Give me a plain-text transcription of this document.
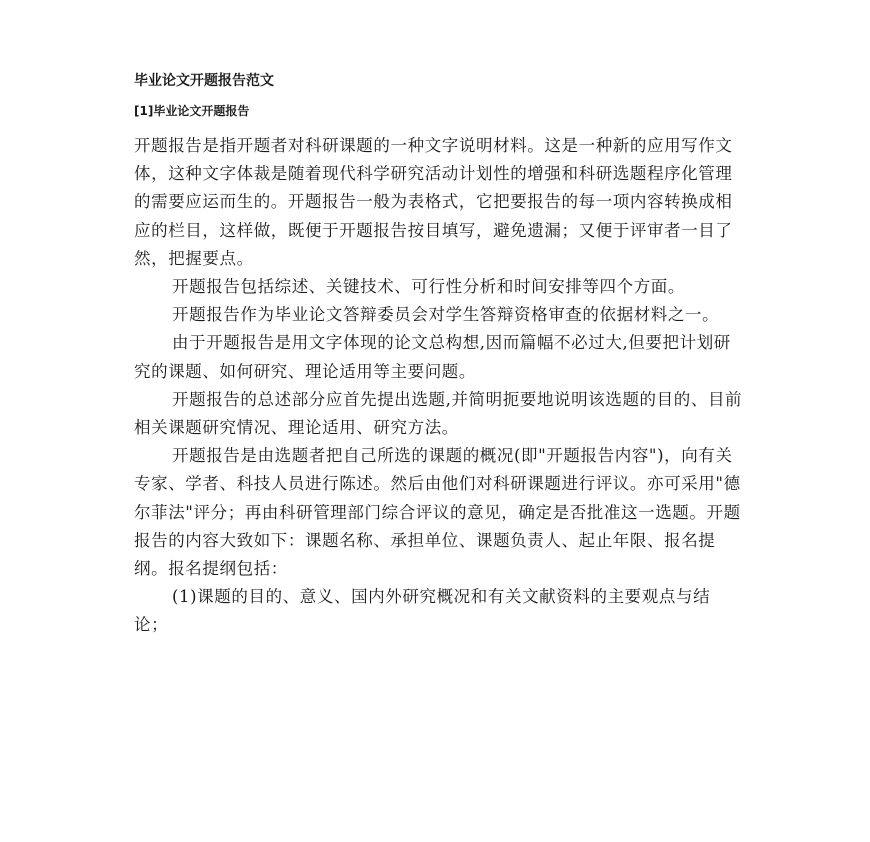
毕业论文开题报告范文
[1]毕业论文开题报告

开题报告是指开题者对科研课题的一种文字说明材料。这是一种新的应用写作文体，这种文字体裁是随着现代科学研究活动计划性的增强和科研选题程序化管理的需要应运而生的。开题报告一般为表格式，它把要报告的每一项内容转换成相应的栏目，这样做，既便于开题报告按目填写，避免遗漏；又便于评审者一目了然，把握要点。

开题报告包括综述、关键技术、可行性分析和时间安排等四个方面。

开题报告作为毕业论文答辩委员会对学生答辩资格审查的依据材料之一。

由于开题报告是用文字体现的论文总构想,因而篇幅不必过大,但要把计划研究的课题、如何研究、理论适用等主要问题。

开题报告的总述部分应首先提出选题,并简明扼要地说明该选题的目的、目前相关课题研究情况、理论适用、研究方法。

开题报告是由选题者把自己所选的课题的概况(即"开题报告内容")，向有关专家、学者、科技人员进行陈述。然后由他们对科研课题进行评议。亦可采用"德尔菲法"评分；再由科研管理部门综合评议的意见，确定是否批准这一选题。开题报告的内容大致如下：课题名称、承担单位、课题负责人、起止年限、报名提纲。报名提纲包括：

(1)课题的目的、意义、国内外研究概况和有关文献资料的主要观点与结论；
